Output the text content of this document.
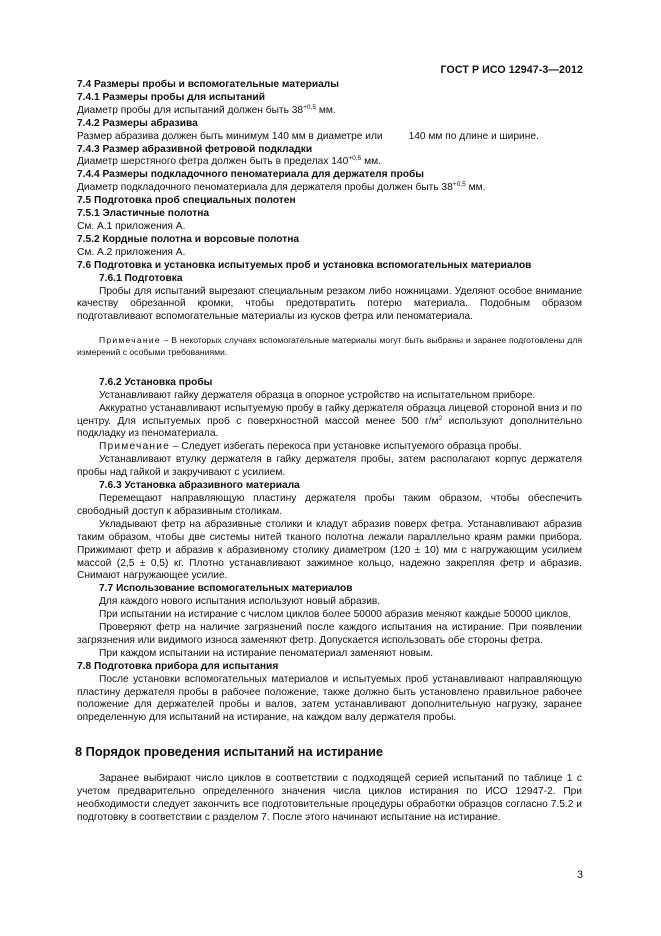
ГОСТ Р ИСО 12947-3—2012

7.4 Размеры пробы и вспомогательные материалы

7.4.1 Размеры пробы для испытаний

Диаметр пробы для испытаний должен быть $38^{+0,5}$ мм.

7.4.2 Размеры абразива

Размер абразива должен быть минимум 140 мм в диаметре или	140 мм по длине и ширине.

7.4.3 Размер абразивной фетровой подкладки

Диаметр шерстяного фетра должен быть в пределах $140^{+0,5}$ мм.

7.4.4 Размеры подкладочного пеноматериала для держателя пробы

Диаметр подкладочного пеноматериала для держателя пробы должен быть $38^{+0,5}$ мм.

7.5 Подготовка проб специальных полотен

7.5.1 Эластичные полотна

См. А.1 приложения А.

7.5.2 Кордные полотна и ворсовые полотна

См. А.2 приложения А.

7.6 Подготовка и установка испытуемых проб и установка вспомогательных материалов

7.6.1 Подготовка

Пробы для испытаний вырезают специальным резаком либо ножницами. Уделяют особое внимание качеству обрезанной кромки, чтобы предотвратить потерю материала. Подобным образом подготавливают вспомогательные материалы из кусков фетра или пеноматериала.

Примечание – В некоторых случаях вспомогательные материалы могут быть выбраны и заранее подготовлены для измерений с особыми требованиями.

7.6.2 Установка пробы

Устанавливают гайку держателя образца в опорное устройство на испытательном приборе.

Аккуратно устанавливают испытуемую пробу в гайку держателя образца лицевой стороной вниз и по центру. Для испытуемых проб с поверхностной массой менее 500 $г/м^2$ используют дополнительно подкладку из пеноматериала.

Примечание – Следует избегать перекоса при установке испытуемого образца пробы.

Устанавливают втулку держателя в гайку держателя пробы, затем располагают корпус держателя пробы над гайкой и закручивают с усилием.

7.6.3 Установка абразивного материала

Перемещают направляющую пластину держателя пробы таким образом, чтобы обеспечить свободный доступ к абразивным столикам.

Укладывают фетр на абразивные столики и кладут абразив поверх фетра. Устанавливают абразив таким образом, чтобы две системы нитей тканого полотна лежали параллельно краям рамки прибора. Прижимают фетр и абразив к абразивному столику диаметром (120 ± 10) мм с нагружающим усилием массой (2,5 ± 0,5) кг. Плотно устанавливают зажимное кольцо, надежно закрепляя фетр и абразив. Снимают нагружающее усилие.

7.7 Использование вспомогательных материалов

Для каждого нового испытания используют новый абразив.

При испытании на истирание с числом циклов более 50000 абразив меняют каждые 50000 циклов.

Проверяют фетр на наличие загрязнений после каждого испытания на истирание. При появлении загрязнения или видимого износа заменяют фетр. Допускается использовать обе стороны фетра.

При каждом испытании на истирание пеноматериал заменяют новым.

7.8 Подготовка прибора для испытания

После установки вспомогательных материалов и испытуемых проб устанавливают направляющую пластину держателя пробы в рабочее положение, также должно быть установлено правильное рабочее положение для держателей пробы и валов, затем устанавливают дополнительную нагрузку, заранее определенную для испытаний на истирание, на каждом валу держателя пробы.

8 Порядок проведения испытаний на истирание

Заранее выбирают число циклов в соответствии с подходящей серией испытаний по таблице 1 с учетом предварительно определенного значения числа циклов истирания по ИСО 12947-2. При необходимости следует закончить все подготовительные процедуры обработки образцов согласно 7.5.2 и подготовку в соответствии с разделом 7. После этого начинают испытание на истирание.

3
